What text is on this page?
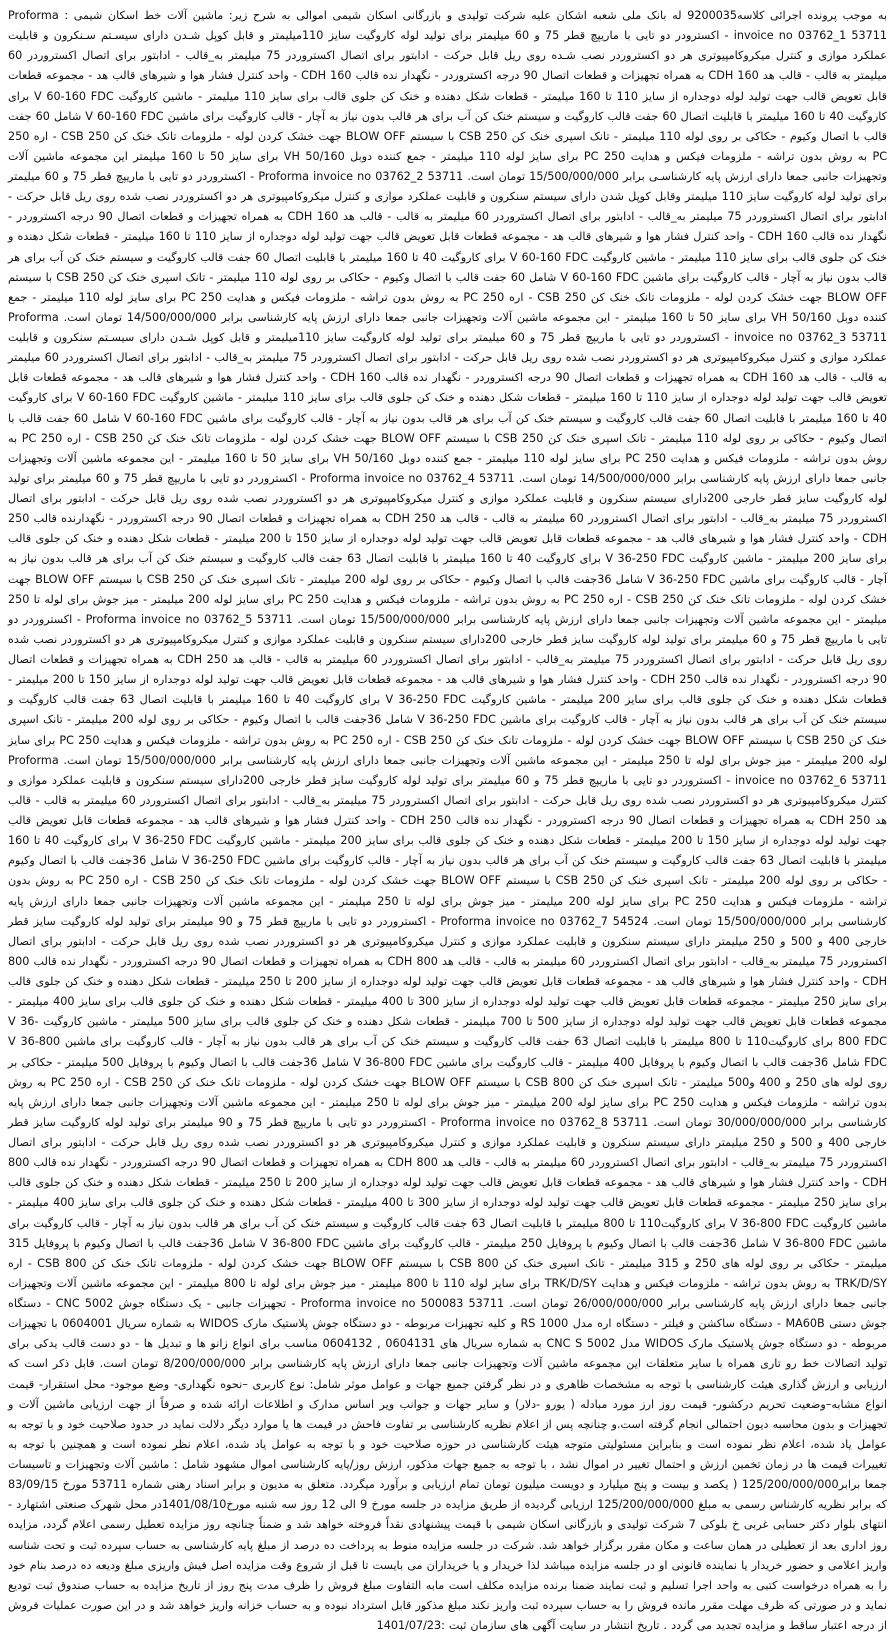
به موجب پرونده اجرائی کلاسه9200035 له بانک ملی شعبه اشکان علیه شرکت تولیدی و بازرگانی اسکان شیمی اموالی به شرح زیر: ماشین آلات خط اسکان شیمی : Proforma invoice no 03762_1 53711 - اکسترودر دو تایی با ماریپچ قطر 75 و 60 میلیمتر برای تولید لوله کاروگیت سایز 110میلیمتر و قابل کوپل شـدن دارای سیسـتم سـنکرون و قابلیت عملکرد موازی و کنترل میکروکامپیوتری هر دو اکستروردر نصب شـده روی ریل قابل حرکت - ادابتور برای اتصال اکستروردر 75 میلیمتر به_قالب - ادابتور برای اتصال اکستروردر 60 میلیمتر به قالب - قالب هد 160 CDH به همراه تجهیزات و قطعات اتصال 90 درجه اکستروردر - نگهدار نده قالب 160 CDH - واحد کنترل فشار هوا و شیرهای قالب هد - مجموعه قطعات قابل تعویض قالب جهت تولید لوله دوجداره از سایز 110 تا 160 میلیمتر - قطعات شکل دهنده و خنک کن جلوی قالب برای سایز 110 میلیمتر - ماشین کاروگیت V 60-160 FDC برای کاروگیت 40 تا 160 میلیمتر با قابلیت اتصال 60 جفت قالب کاروگیت و سیستم خنک کن آب برای هر قالب بدون نیاز به آچار - قالب کاروگیت برای ماشین V 60-160 FDC شامل 60 جفت قالب با اتصال وکیوم - حکاکی بر روی لوله 110 میلیمتر - تانک اسپری خنک کن 250 CSB با سیستم BLOW OFF جهت خشک کردن لوله - ملزومات تانک خنک کن 250 CSB - اره 250 PC به روش بدون تراشه - ملزومات فیکس و هدایت 250 PC برای سایز لوله 110 میلیمتر - جمع کننده دوبل 50/160 VH برای سایز 50 تا 160 میلیمتر این مجموعه ماشین آلات وتجهیزات جانبی جمعا دارای ارزش پایه کارشناسـی برابر 15/500/000/000 تومان است. Proforma invoice no 03762_2 53711 - اکستروردر دو تایی با ماریپچ قطر 75 و 60 میلیمتر برای تولید لوله کاروگیت سایز 110 میلیمتر وقابل کوپل شدن دارای سیستم سنکرون و قابلیت عملکرد موازی و کنترل میکروکامپیوتری هر دو اکستروردر نصب شده روی ریل قابل حرکت - ادابتور برای اتصال اکستروردر 75 میلیمتر به_قالب - ادابتور برای اتصال اکستروردر 60 میلیمتر به قالب - قالب هد 160 CDH به همراه تجهیزات و قطعات اتصال 90 درجه اکستروردر - نگهدار نده قالب 160 CDH - واحد کنترل فشار هوا و شیرهای قالب هد - مجموعه قطعات قابل تعویض قالب جهت تولید لوله دوجداره از سایز 110 تا 160 میلیمتر - قطعات شکل دهنده و خنک کن جلوی قالب برای سایز 110 میلیمتر - ماشین کاروگیت V 60-160 FDC برای کاروگیت 40 تا 160 میلیمتر با قابلیت اتصال 60 جفت قالب کاروگیت و سیستم خنک کن آب برای هر قالب بدون نیاز به آچار - قالب کاروگیت برای ماشین V 60-160 FDC شامل 60 جفت قالب با اتصال وکیوم - حکاکی بر روی لوله 110 میلیمتر - تانک اسپری خنک کن CSB 250 با سیستم BLOW OFF جهت خشک کردن لوله - ملزومات تانک خنک کن 250 CSB - اره 250 PC به روش بدون تراشه - ملزومات فیکس و هدایت 250 PC برای سایز لوله 110 میلیمتر - جمع کننده دوبل 50/160 VH برای سایز 50 تا 160 میلیمتر - این مجموعه ماشین آلات وتجهیزات جانبی جمعا دارای ارزش پایه کارشناسی برابر 14/500/000/000 تومان است. Proforma invoice no 03762_3 53711 - اکستروردر دو تایی با ماریپچ قطر 75 و 60 میلیمتر برای تولید لوله کاروگیت سایز 110میلیمتر و قابل کوپل شـدن دارای سیسـتم سنکرون و قابلیت عملکرد موازی و کنترل میکروکامپیوتری هر دو اکستروردر نصب شده روی ریل قابل حرکت - ادابتور برای اتصال اکستروردر 75 میلیمتر به_قالب - ادابتور برای اتصال اکستروردر 60 میلیمتر به قالب - قالب هد 160 CDH به همراه تجهیزات و قطعات اتصال 90 درجه اکستروردر - نگهدار نده قالب 160 CDH - واحد کنترل فشار هوا و شیرهای قالب هد - مجموعه قطعات قابل تعویض قالب جهت تولید لوله دوجداره از سایز 110 تا 160 میلیمتر - قطعات شکل دهنده و خنک کن جلوی قالب برای سایز 110 میلیمتر - ماشین کاروگیت V 60-160 FDC برای کاروگیت 40 تا 160 میلیمتر با قابلیت اتصال 60 جفت قالب کاروگیت و سیستم خنک کن آب برای هر قالب بدون نیاز به آچار - قالب کاروگیت برای ماشین V 60-160 FDC شامل 60 جفت قالب با اتصال وکیوم - حکاکی بر روی لوله 110 میلیمتر - تانک اسپری خنک کن 250 CSB با سیستم BLOW OFF جهت خشک کردن لوله - ملزومات تانک خنک کن 250 CSB - اره 250 PC به روش بدون تراشه - ملزومات فیکس و هدایت 250 PC برای سایز لوله 110 میلیمتر - جمع کننده دوبل 50/160 VH برای سایز 50 تا 160 میلیمتر - این مجموعه ماشین آلات وتجهیزات جانبی جمعا دارای ارزش پایه کارشناسی برابر 14/500/000/000 تومان است. Proforma invoice no 03762_4 53711 - اکستروردر دو تایی با ماریپچ قطر 75 و 60 میلیمتر برای تولید لوله کاروگیت سایز قطر خارجی 200دارای سیستم سنکرون و قابلیت عملکرد موازی و کنترل میکروکامپیوتری هر دو اکستروردر نصب شده روی ریل قابل حرکت - ادابتور برای اتصال اکستروردر 75 میلیمتر به_قالب - ادابتور برای اتصال اکستروردر 60 میلیمتر به قالب - قالب هد 250 CDH به همراه تجهیزات و قطعات اتصال 90 درجه اکستروردر - نگهدارنده قالب 250 CDH - واحد کنترل فشار هوا و شیرهای قالب هد - مجموعه قطعات قابل تعویض قالب جهت تولید لوله دوجداره از سایز 150 تا 200 میلیمتر - قطعات شکل دهنده و خنک کن جلوی قالب برای سایز 200 میلیمتر - ماشین کاروگیت V 36-250 FDC برای کاروگیت 40 تا 160 میلیمتر با قابلیت اتصال 63 جفت قالب کاروگیت و سیستم خنک کن آب برای هر قالب بدون نیاز به آچار - قالب کاروگیت برای ماشین V 36-250 FDC شامل 36جفت قالب با اتصال وکیوم - حکاکی بر روی لوله 200 میلیمتر - تانک اسپری خنک کن CSB 250 با سیستم BLOW OFF جهت خشک کردن لوله - ملزومات تانک خنک کن 250 CSB - اره 250 PC به روش بدون تراشه - ملزومات فیکس و هدایت 250 PC برای سایز لوله 200 میلیمتر - میز جوش برای لوله تا 250 میلیمتر - این مجموعه ماشین آلات وتجهیزات جانبی جمعا دارای ارزش پایه کارشناسی برابر 15/500/000/000 تومان است. Proforma invoice no 03762_5 53711 - اکستروردر دو تایی با ماریپچ قطر 75 و 60 میلیمتر برای تولید لوله کاروگیت سایز قطر خارجی 200دارای سیستم سنکرون و قابلیت عملکرد موازی و کنترل میکروکامپیوتری هر دو اکستروردر نصب شده روی ریل قابل حرکت - ادابتور برای اتصال اکستروردر 75 میلیمتر به_قالب - ادابتور برای اتصال اکستروردر 60 میلیمتر به قالب - قالب هد 250 CDH به همراه تجهیزات و قطعات اتصال 90 درجه اکستروردر - نگهدار نده قالب 250 CDH - واحد کنترل فشار هوا و شیرهای قالب هد - مجموعه قطعات قابل تعویض قالب جهت تولید لوله دوجداره از سایز 150 تا 200 میلیمتر - قطعات شکل دهنده و خنک کن جلوی قالب برای سایز 200 میلیمتر - ماشین کاروگیت V 36-250 FDC برای کاروگیت 40 تا 160 میلیمتر با قابلیت اتصال 63 جفت قالب کاروگیت و سیستم خنک کن آب برای هر قالب بدون نیاز به آچار - قالب کاروگیت برای ماشین V 36-250 FDC شامل 36جفت قالب با اتصال وکیوم - حکاکی بر روی لوله 200 میلیمتر - تانک اسپری خنک کن 250 CSB با سیستم BLOW OFF جهت خشک کردن لوله - ملزومات تانک خنک کن 250 CSB - اره 250 PC به روش بدون تراشه - ملزومات فیکس و هدایت 250 PC برای سایز لوله 200 میلیمتر - میز جوش برای لوله تا 250 میلیمتر - این مجموعه ماشین آلات وتجهیزات جانبی جمعا دارای ارزش پایه کارشناسی برابر 15/500/000/000 تومان است. Proforma invoice no 03762_6 53711 - اکستروردر دو تایی با ماریپچ قطر 75 و 60 میلیمتر برای تولید لوله کاروگیت سایز قطر خارجی 200دارای سیستم سنکرون و قابلیت عملکرد موازی و کنترل میکروکامپیوتری هر دو اکستروردر نصب شده روی ریل قابل حرکت - ادابتور برای اتصال اکستروردر 75 میلیمتر به_قالب - ادابتور برای اتصال اکستروردر 60 میلیمتر به قالب - قالب هد 250 CDH به همراه تجهیزات و قطعات اتصال 90 درجه اکستروردر - نگهدار نده قالب 250 CDH - واحد کنترل فشار هوا و شیرهای قالب هد - مجموعه قطعات قابل تعویض قالب جهت تولید لوله دوجداره از سایز 150 تا 200 میلیمتر - قطعات شکل دهنده و خنک کن جلوی قالب برای سایز 200 میلیمتر - ماشین کاروگیت V 36-250 FDC برای کاروگیت 40 تا 160 میلیمتر با قابلیت اتصال 63 جفت قالب کاروگیت و سیستم خنک کن آب برای هر قالب بدون نیاز به آچار - قالب کاروگیت برای ماشین V 36-250 FDC شامل 36جفت قالب با اتصال وکیوم - حکاکی بر روی لوله 200 میلیمتر - تانک اسپری خنک کن CSB 250 با سیستم BLOW OFF جهت خشک کردن لوله - ملزومات تانک خنک کن 250 CSB - اره 250 PC به روش بدون تراشه - ملزومات فیکس و هدایت 250 PC برای سایز لوله 200 میلیمتر - میز جوش برای لوله تا 250 میلیمتر - این مجموعه ماشین آلات وتجهیزات جانبی جمعا دارای ارزش پایه کارشناسی برابر 15/500/000/000 تومان است. Proforma invoice no 03762_7 54524 - اکستروردر دو تایی با ماریپچ قطر 75 و 90 میلیمتر برای تولید لوله کاروگیت سایز قطر خارجی 400 و 500 و 250 میلیمتر دارای سیستم سنکرون و قابلیت عملکرد موازی و کنترل میکروکامپیوتری هر دو اکستروردر نصب شده روی ریل قابل حرکت - ادابتور برای اتصال اکستروردر 75 میلیمتر به_قالب - ادابتور برای اتصال اکستروردر 60 میلیمتر به قالب - قالب هد 800 CDH به همراه تجهیزات و قطعات اتصال 90 درجه اکستروردر - نگهدار نده قالب 800 CDH - واحد کنترل فشار هوا و شیرهای قالب هد - مجموعه قطعات قابل تعویض قالب جهت تولید لوله دوجداره از سایز 200 تا 250 میلیمتر - قطعات شکل دهنده و خنک کن جلوی قالب برای سایز 250 میلیمتر - مجموعه قطعات قابل تعویض قالب جهت تولید لوله دوجداره از سایز 300 تا 400 میلیمتر - قطعات شکل دهنده و خنک کن جلوی قالب برای سایز 400 میلیمتر - مجموعه قطعات قابل تعویض قالب جهت تولید لوله دوجداره از سایز 500 تا 700 میلیمتر - قطعات شکل دهنده و خنک کن جلوی قالب برای سایز 500 میلیمتر - ماشین کاروگیت V 36-800 FDC برای کاروگیت110 تا 800 میلیمتر با قابلیت اتصال 63 جفت قالب کاروگیت و سیستم خنک کن آب برای هر قالب بدون نیاز به آچار - قالب کاروگیت برای ماشین V 36-800 FDC شامل 36جفت قالب با اتصال وکیوم با پروفایل 400 میلیمتر - قالب کاروگیت برای ماشین V 36-800 FDC شامل 36جفت قالب با اتصال وکیوم با پروفایل 500 میلیمتر - حکاکی بر روی لوله های 250 و 400 و500 میلیمتر - تانک اسپری خنک کن 800 CSB با سیستم BLOW OFF جهت خشک کردن لوله - ملزومات تانک خنک کن 250 CSB - اره 250 PC به روش بدون تراشه - ملزومات فیکس و هدایت 250 PC برای سایز لوله 200 میلیمتر - میز جوش برای لوله تا 250 میلیمتر - این مجموعه ماشین آلات وتجهیزات جانبی جمعا دارای ارزش پایه کارشناسی برابر 30/000/000/000 تومان است. Proforma invoice no 03762_8 53711 - اکستروردر دو تایی با ماریپچ قطر 75 و 90 میلیمتر برای تولید لوله کاروگیت سایز قطر خارجی 400 و 500 و 250 میلیمتر دارای سیستم سنکرون و قابلیت عملکرد موازی و کنترل میکروکامپیوتری هر دو اکستروردر نصب شده روی ریل قابل حرکت - ادابتور برای اتصال اکستروردر 75 میلیمتر به_قالب - ادابتور برای اتصال اکستروردر 60 میلیمتر به قالب - قالب هد 800 CDH به همراه تجهیزات و قطعات اتصال 90 درجه اکستروردر - نگهدار نده قالب 800 CDH - واحد کنترل فشار هوا و شیرهای قالب هد - مجموعه قطعات قابل تعویض قالب جهت تولید لوله دوجداره از سایز 200 تا 250 میلیمتر - قطعات شکل دهنده و خنک کن جلوی قالب برای سایز 250 میلیمتر - مجموعه قطعات قابل تعویض قالب جهت تولید لوله دوجداره از سایز 300 تا 400 میلیمتر - قطعات شکل دهنده و خنک کن جلوی قالب برای سایز 400 میلیمتر - ماشین کاروگیت V 36-800 FDC برای کاروگیت110 تا 800 میلیمتر با قابلیت اتصال 63 جفت قالب کاروگیت و سیستم خنک کن آب برای هر قالب بدون نیاز به آچار - قالب کاروگیت برای ماشین V 36-800 FDC شامل 36جفت قالب با اتصال وکیوم با پروفایل 250 میلیمتر - قالب کاروگیت برای ماشین V 36-800 FDC شامل 36جفت قالب با اتصال وکیوم با پروفایل 315 میلیمتر - حکاکی بر روی لوله های 250 و 315 میلیمتر - تانک اسپری خنک کن 800 CSB با سیستم BLOW OFF جهت خشک کردن لوله - ملزومات تانک خنک کن 800 CSB - اره TRK/D/SY به روش بدون تراشه - ملزومات فیکس و هدایت TRK/D/SY برای سایز لوله 110 تا 800 میلیمتر - میز جوش برای لوله تا 800 میلیمتر - این مجموعه ماشین آلات وتجهیزات جانبی جمعا دارای ارزش پایه کارشناسی برابر 26/000/000/000 تومان است. Proforma invoice no 500083 53711 - تجهیزات جانبی - یک دستگاه جوش CNC 5002 - دستگاه جوش دستی MA60B - دستگاه ساکشن و فیلتر - دستگاه اره مدل RS 1000 و کلیه تجهیزات مربوطه - دو دستگاه جوش پلاستیک مارک WIDOS به شماره سریال 0604001 با تجهیزات مربوطه - دو دستگاه جوش پلاستیک مارک WIDOS مدل CNC S 5002 به شماره سریال های 0604131 , 0604132 مناسب برای انواع زانو ها و تبدیل ها - دو دست قالب یدکی برای تولید اتصالات خط رو تاری همراه با سایر متعلقات این مجموعه ماشین آلات وتجهیزات جانبی جمعا دارای ارزش پایه کارشناسی برابر 8/200/000/000 تومان است. قابل ذکر است که ارزیابی و ارزش گذاری هیئت کارشناسی با توجه به مشخصات ظاهری و در نظر گرفتن جمیع جهات و عوامل موثر شامل: نوع کاربری –نحوه نگهداری- وضع موجود- محل استقرار- قیمت انواع مشابه–وضعیت تحریم درکشور- قیمت روز ارز مورد مبادله ( یورو -دلار) و سایر جهات و جوانب ویر اساس مدارک و اطلاعات ارائه شده و صرفاً از جهت ارزیابی ماشین آلات و تجهیزات و بدون محاسبه دیون احتمالی انجام گرفته است.و چنانچه پس از اعلام نظریه کارشناسی بر تفاوت فاحش در قیمت ها یا موارد دیگر دلالت نماید در حدود صلاحیت خود و با توجه به عوامل یاد شده، اعلام نظر نموده است و بنابراین مسئولیتی متوجه هیئت کارشناسی در حوزه صلاحیت خود و با توجه به عوامل یاد شده، اعلام نظر نموده است و همچنین با توجه به تغییرات قیمت ها در زمان تخمین ارزش و احتمال تغییر در اموال نشد ، با توجه به جمیع جهات مذکور، ارزش روز/پایه کارشناسی اموال مشهود شامل : ماشین آلات وتجهیزات و تاسیسات جمعا برابر125/200/000/000 ( یکصد و بیست و پنج میلیارد و دویست میلیون تومان تمام ارزیابی و برآورد میگردد. متعلق به مدیون و برابر اسناد رهنی شماره 53711 مورخ 83/09/15 که برابر نظریه کارشناس رسمی به مبلغ 125/200/000/000 ارزیابی گردیده از طریق مزایده در جلسه مورخ 9 الی 12 روز سه شنبه مورخ1401/08/10در محل شهرک صنعتی اشتهارد - انتهای بلوار دکتر حسابی غربی خ بلوکی 7 شرکت تولیدی و بازرگانی اسکان شیمی با قیمت پیشنهادی نقداً فروخته خواهد شد و ضمناً چنانچه روز مزایده تعطیل رسمی اعلام گردد، مزایده روز اداری بعد از تعطیلی در همان ساعت و مکان مقرر برگزار خواهد شد. شرکت در جلسه مزایده منوط به پرداخت ده درصد از مبلغ پایه کارشناسی به حساب سپرده ثبت و تحت شناسه واریز اعلامی و حضور خریدار یا نماینده قانونی او در جلسه مزایده میباشد لذا خریدار و یا خریداران می بایست تا قبل از شروع وقت مزایده اصل فیش واریزی مبلغ ودیعه ده درصد بنام خود را به همراه درخواست کتبی به واحد اجرا تسلیم و ثبت نمایند ضمنا برنده مزایده مکلف است مابه التفاوت مبلغ فروش را ظرف مدت پنج روز از تاریخ مزایده به حساب صندوق ثبت تودیع نماید و در صورتی که ظرف مهلت مقرر مانده فروش را به حساب سپرده ثبت واریز نکند مبلغ مذکور قابل استرداد نبوده و به حساب خزانه واریز خواهد شد و در این صورت عملیات فروش از درجه اعتبار ساقط و مزایده تجدید می گردد . تاریخ انتشار در سایت آگهی های سازمان ثبت :1401/07/23
